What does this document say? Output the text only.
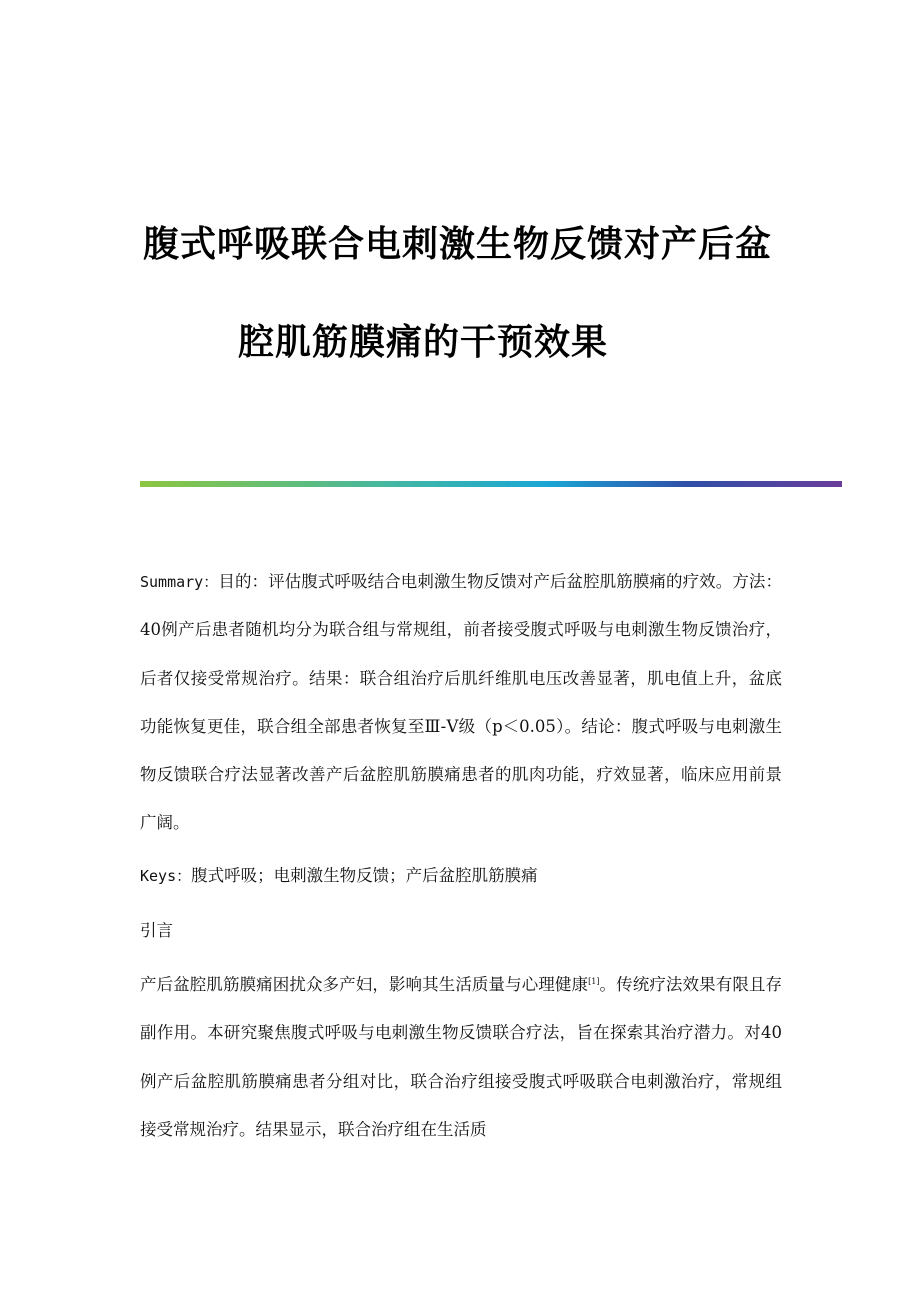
腹式呼吸联合电刺激生物反馈对产后盆
腔肌筋膜痛的干预效果
Summary：目的：评估腹式呼吸结合电刺激生物反馈对产后盆腔肌筋膜痛的疗效。方法：40例产后患者随机均分为联合组与常规组，前者接受腹式呼吸与电刺激生物反馈治疗，后者仅接受常规治疗。结果：联合组治疗后肌纤维肌电压改善显著，肌电值上升，盆底功能恢复更佳，联合组全部患者恢复至Ⅲ-Ⅴ级（p＜0.05）。结论：腹式呼吸与电刺激生物反馈联合疗法显著改善产后盆腔肌筋膜痛患者的肌肉功能，疗效显著，临床应用前景广阔。
Keys：腹式呼吸；电刺激生物反馈；产后盆腔肌筋膜痛
引言
产后盆腔肌筋膜痛困扰众多产妇，影响其生活质量与心理健康[1]。传统疗法效果有限且存副作用。本研究聚焦腹式呼吸与电刺激生物反馈联合疗法，旨在探索其治疗潜力。对40例产后盆腔肌筋膜痛患者分组对比，联合治疗组接受腹式呼吸联合电刺激治疗，常规组接受常规治疗。结果显示，联合治疗组在生活质
